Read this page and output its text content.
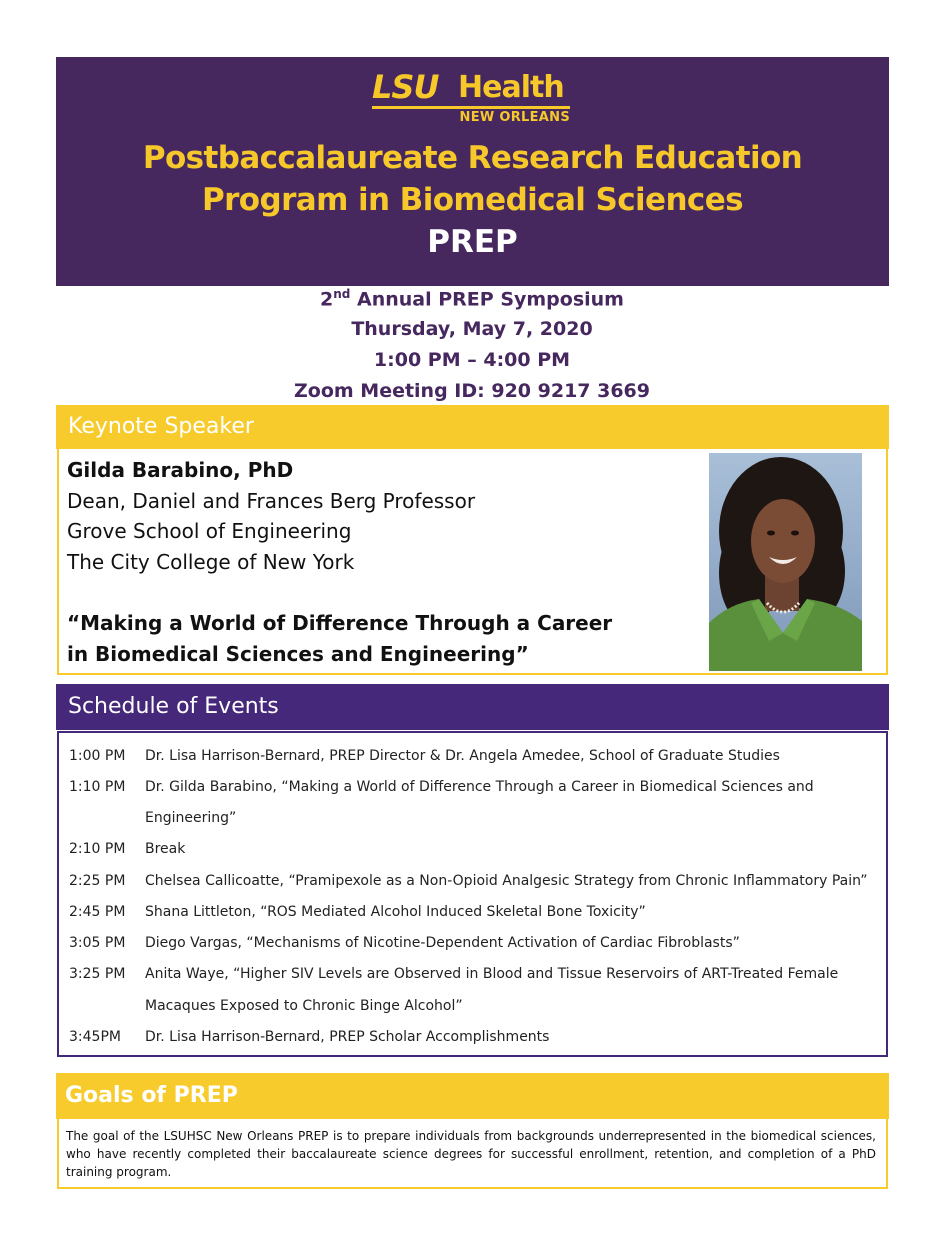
LSU Health
NEW ORLEANS
Postbaccalaureate Research Education
Program in Biomedical Sciences
PREP
2nd Annual PREP Symposium
Thursday, May 7, 2020
1:00 PM – 4:00 PM
Zoom Meeting ID: 920 9217 3669
Keynote Speaker
Gilda Barabino, PhD
Dean, Daniel and Frances Berg Professor
Grove School of Engineering
The City College of New York
“Making a World of Difference Through a Career
in Biomedical Sciences and Engineering”
Schedule of Events
1:00 PM Dr. Lisa Harrison-Bernard, PREP Director & Dr. Angela Amedee, School of Graduate Studies
1:10 PM Dr. Gilda Barabino, “Making a World of Difference Through a Career in Biomedical Sciences and
Engineering”
2:10 PM Break
2:25 PM Chelsea Callicoatte, “Pramipexole as a Non-Opioid Analgesic Strategy from Chronic Inflammatory Pain”
2:45 PM Shana Littleton, “ROS Mediated Alcohol Induced Skeletal Bone Toxicity”
3:05 PM Diego Vargas, “Mechanisms of Nicotine-Dependent Activation of Cardiac Fibroblasts”
3:25 PM Anita Waye, “Higher SIV Levels are Observed in Blood and Tissue Reservoirs of ART-Treated Female
Macaques Exposed to Chronic Binge Alcohol”
3:45PM Dr. Lisa Harrison-Bernard, PREP Scholar Accomplishments
Goals of PREP
The goal of the LSUHSC New Orleans PREP is to prepare individuals from backgrounds underrepresented in the biomedical sciences, who have recently completed their baccalaureate science degrees for successful enrollment, retention, and completion of a PhD training program.
